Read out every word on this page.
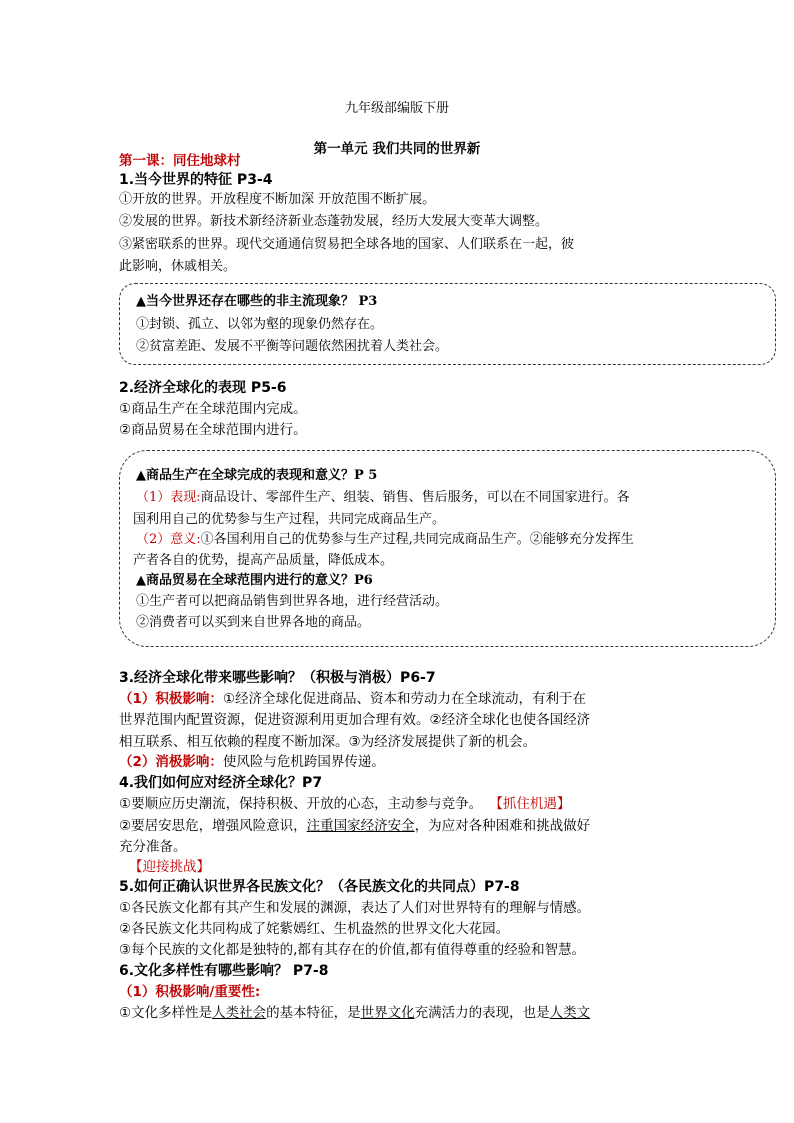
九年级部编版下册
第一单元 我们共同的世界新
第一课：同住地球村
1.当今世界的特征 P3-4
①开放的世界。开放程度不断加深 开放范围不断扩展。
②发展的世界。新技术新经济新业态蓬勃发展，经历大发展大变革大调整。
③紧密联系的世界。现代交通通信贸易把全球各地的国家、人们联系在一起，彼
此影响，休戚相关。
▲当今世界还存在哪些的非主流现象？ P3
①封锁、孤立、以邻为壑的现象仍然存在。
②贫富差距、发展不平衡等问题依然困扰着人类社会。
2.经济全球化的表现 P5-6
①商品生产在全球范围内完成。
②商品贸易在全球范围内进行。
▲商品生产在全球完成的表现和意义？P 5
（1）表现:商品设计、零部件生产、组装、销售、售后服务，可以在不同国家进行。各
国利用自己的优势参与生产过程，共同完成商品生产。
（2）意义:①各国利用自己的优势参与生产过程,共同完成商品生产。②能够充分发挥生
产者各自的优势，提高产品质量，降低成本。
▲商品贸易在全球范围内进行的意义？P6
①生产者可以把商品销售到世界各地，进行经营活动。
②消费者可以买到来自世界各地的商品。
3.经济全球化带来哪些影响？（积极与消极）P6-7
（1）积极影响：①经济全球化促进商品、资本和劳动力在全球流动，有利于在
世界范围内配置资源，促进资源利用更加合理有效。②经济全球化也使各国经济
相互联系、相互依赖的程度不断加深。③为经济发展提供了新的机会。
（2）消极影响：使风险与危机跨国界传递。
4.我们如何应对经济全球化？P7
①要顺应历史潮流，保持积极、开放的心态，主动参与竞争。 【抓住机遇】
②要居安思危，增强风险意识，注重国家经济安全，为应对各种困难和挑战做好
充分准备。
【迎接挑战】
5.如何正确认识世界各民族文化？（各民族文化的共同点）P7-8
①各民族文化都有其产生和发展的渊源，表达了人们对世界特有的理解与情感。
②各民族文化共同构成了姹紫嫣红、生机盎然的世界文化大花园。
③每个民族的文化都是独特的,都有其存在的价值,都有值得尊重的经验和智慧。
6.文化多样性有哪些影响？ P7-8
（1）积极影响/重要性:
①文化多样性是人类社会的基本特征，是世界文化充满活力的表现，也是人类文
